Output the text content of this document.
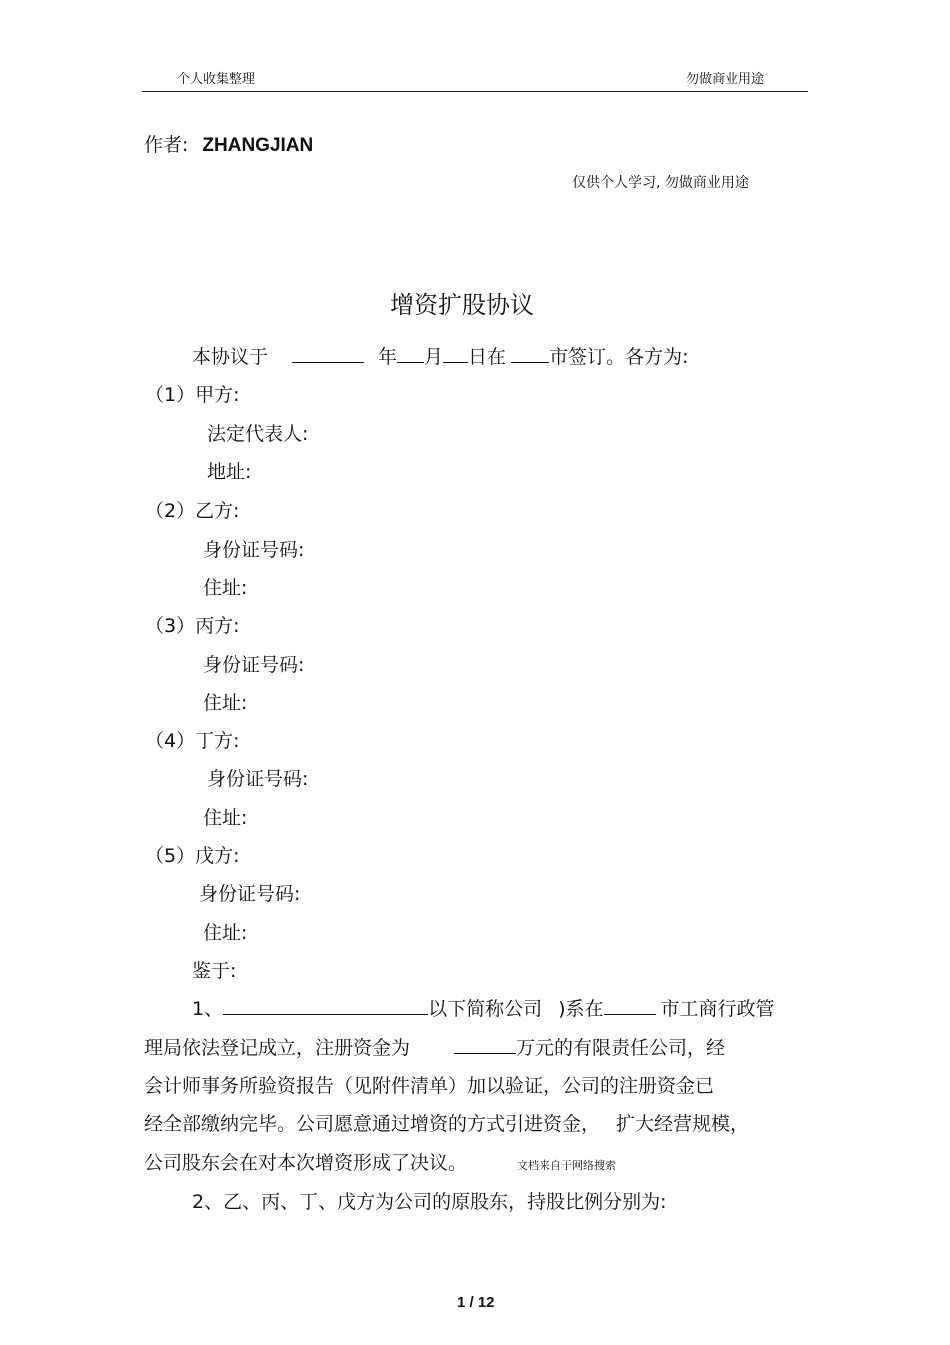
个人收集整理	勿做商业用途
作者: ZHANGJIAN
仅供个人学习, 勿做商业用途
增资扩股协议
本协议于	年 月 日在 市签订。各方为:
（1）甲方:
法定代表人:
地址:
（2）乙方:
身份证号码:
住址:
（3）丙方:
身份证号码:
住址:
（4）丁方:
身份证号码:
住址:
（5）戊方:
身份证号码:
住址:
鉴于:
1、	以下简称公司 )系在	市工商行政管
理局依法登记成立，注册资金为	万元的有限责任公司，经
会计师事务所验资报告（见附件清单）加以验证，公司的注册资金已
经全部缴纳完毕。公司愿意通过增资的方式引进资金， 扩大经营规模，
公司股东会在对本次增资形成了决议。	文档来自于网络搜索
2、乙、丙、丁、戊方为公司的原股东，持股比例分别为:
1 / 12
